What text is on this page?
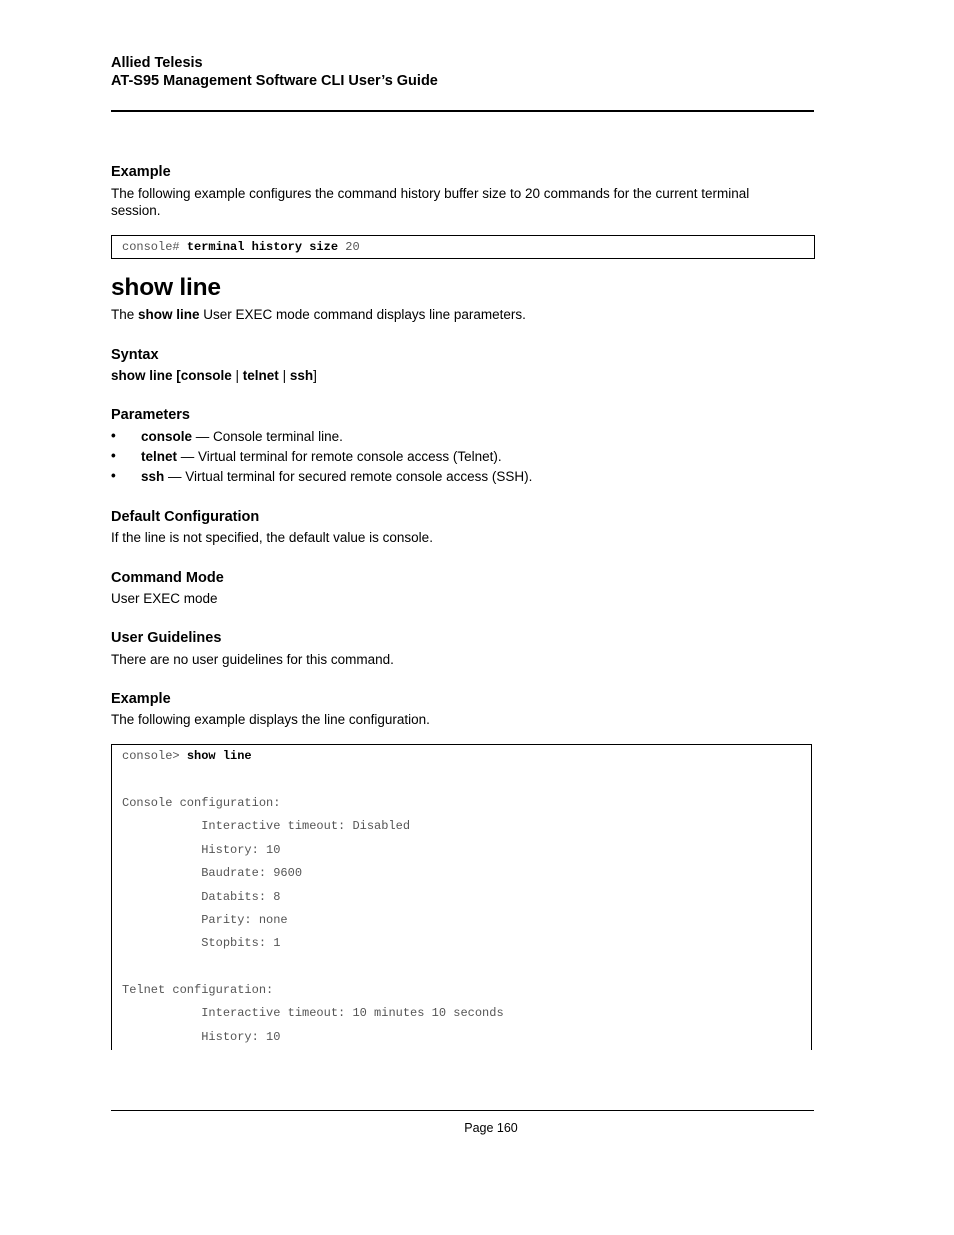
Allied Telesis
AT-S95 Management Software CLI User’s Guide
Example
The following example configures the command history buffer size to 20 commands for the current terminal
session.
console# terminal history size 20
show line
The show line User EXEC mode command displays line parameters.
Syntax
show line [console | telnet | ssh]
Parameters
• console — Console terminal line.
• telnet — Virtual terminal for remote console access (Telnet).
• ssh — Virtual terminal for secured remote console access (SSH).
Default Configuration
If the line is not specified, the default value is console.
Command Mode
User EXEC mode
User Guidelines
There are no user guidelines for this command.
Example
The following example displays the line configuration.
console> show line
Console configuration:
Interactive timeout: Disabled
History: 10
Baudrate: 9600
Databits: 8
Parity: none
Stopbits: 1
Telnet configuration:
Interactive timeout: 10 minutes 10 seconds
History: 10
Page 160
